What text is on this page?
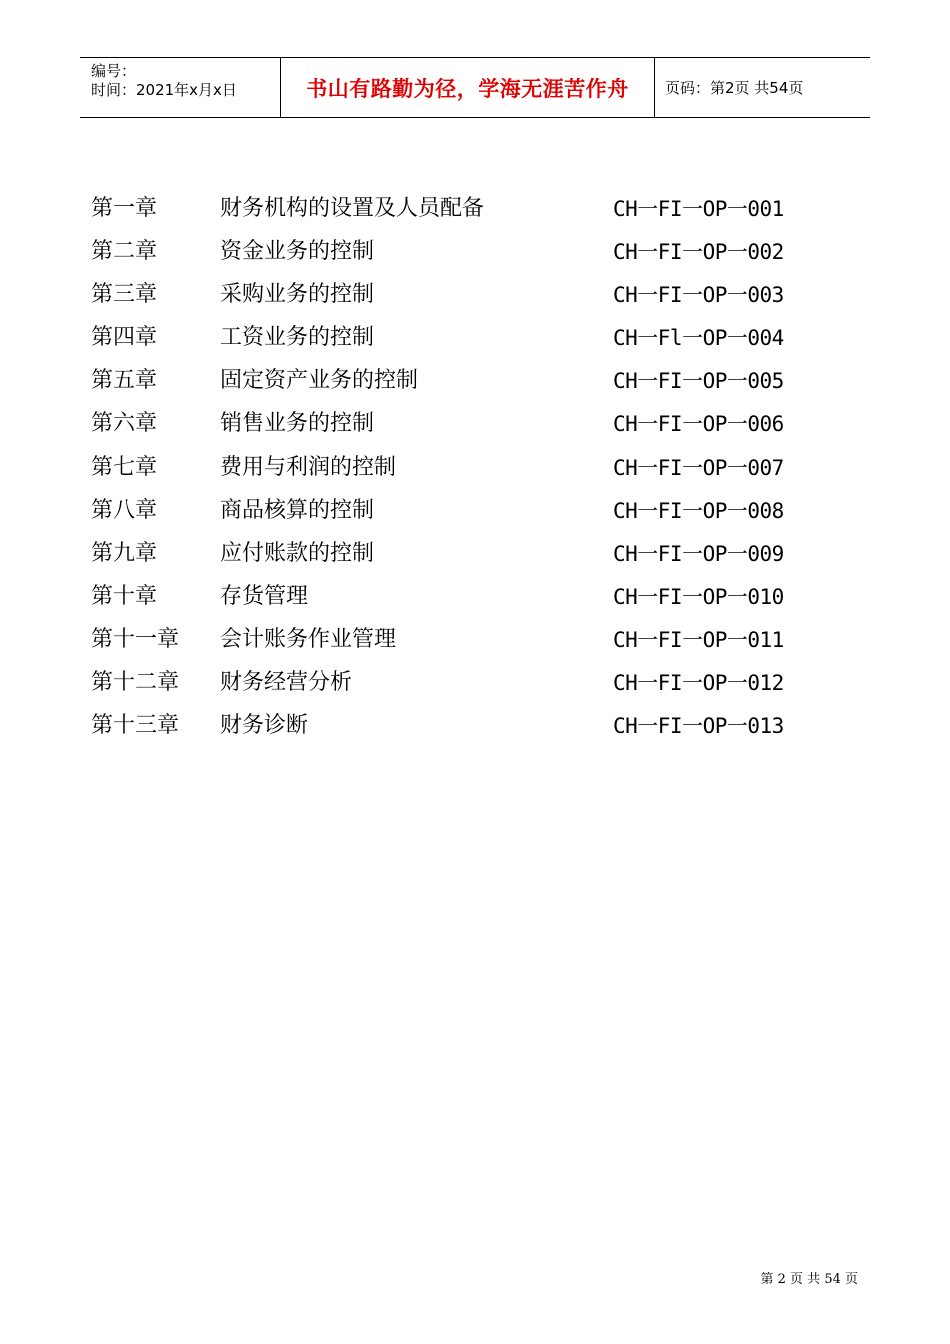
编号：
时间：2021年x月x日	书山有路勤为径，学海无涯苦作舟 页码：第2页 共54页
第一章	财务机构的设置及人员配备	CH一FI一OP一001
第二章	资金业务的控制	CH一FI一OP一002
第三章	采购业务的控制	CH一FI一OP一003
第四章	工资业务的控制	CH一Fl一OP一004
第五章	固定资产业务的控制	CH一FI一OP一005
第六章	销售业务的控制	CH一FI一OP一006
第七章	费用与利润的控制	CH一FI一OP一007
第八章	商品核算的控制	CH一FI一OP一008
第九章	应付账款的控制	CH一FI一OP一009
第十章	存货管理	CH一FI一OP一010
第十一章 会计账务作业管理	CH一FI一OP一011
第十二章 财务经营分析	CH一FI一OP一012
第十三章 财务诊断	CH一FI一OP一013
第 2 页 共 54 页
